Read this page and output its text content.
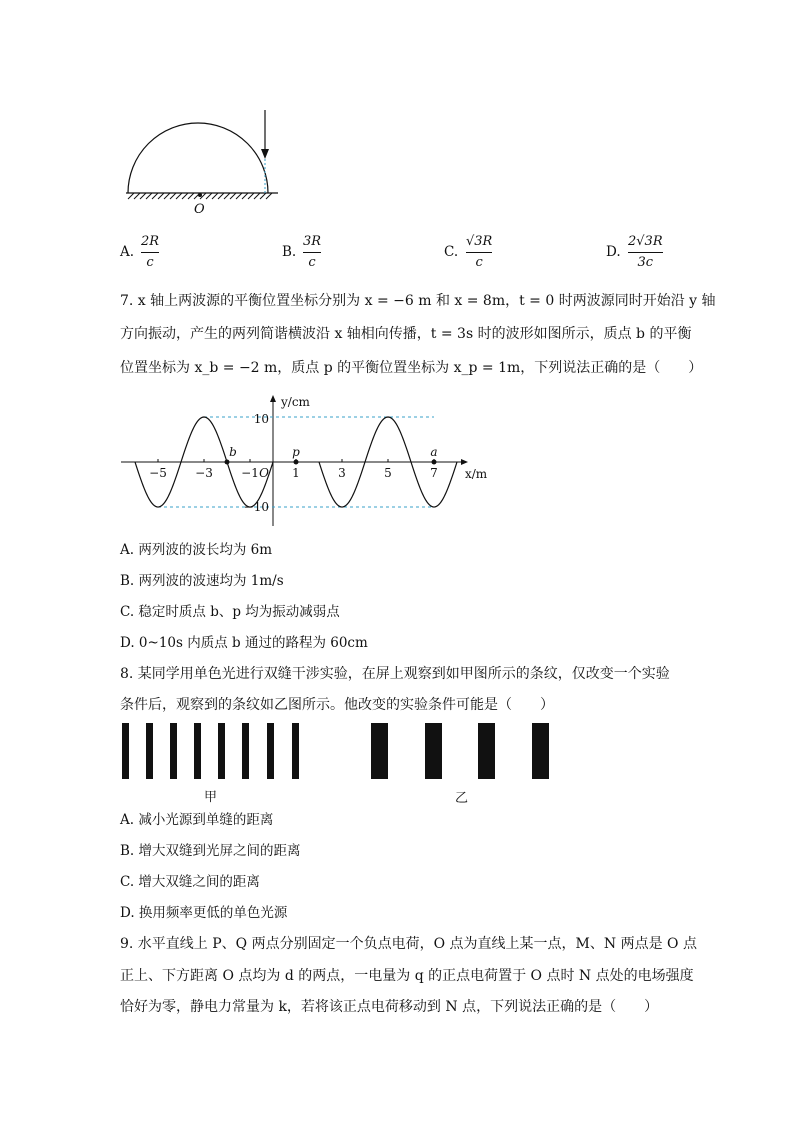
O
A.
2R
c
B.
3R
c
C.
√3R
c
D.
2√3R
3c
7. x 轴上两波源的平衡位置坐标分别为 x = −6 m 和 x = 8m，t = 0 时两波源同时开始沿 y 轴
方向振动，产生的两列简谐横波沿 x 轴相向传播，t = 3s 时的波形如图所示，质点 b 的平衡
位置坐标为 x_b = −2 m，质点 p 的平衡位置坐标为 x_p = 1m，下列说法正确的是（　　）
−5 −3 −1	1	3	5	7
10
−10
O	x/m
y/cm
b	p	a
A. 两列波的波长均为 6m
B. 两列波的波速均为 1m/s
C. 稳定时质点 b、p 均为振动减弱点
D. 0~10s 内质点 b 通过的路程为 60cm
8. 某同学用单色光进行双缝干涉实验，在屏上观察到如甲图所示的条纹，仅改变一个实验
条件后，观察到的条纹如乙图所示。他改变的实验条件可能是（　　）
甲	乙
A. 减小光源到单缝的距离
B. 增大双缝到光屏之间的距离
C. 增大双缝之间的距离
D. 换用频率更低的单色光源
9. 水平直线上 P、Q 两点分别固定一个负点电荷，O 点为直线上某一点，M、N 两点是 O 点
正上、下方距离 O 点均为 d 的两点，一电量为 q 的正点电荷置于 O 点时 N 点处的电场强度
恰好为零，静电力常量为 k，若将该正点电荷移动到 N 点，下列说法正确的是（　　）
